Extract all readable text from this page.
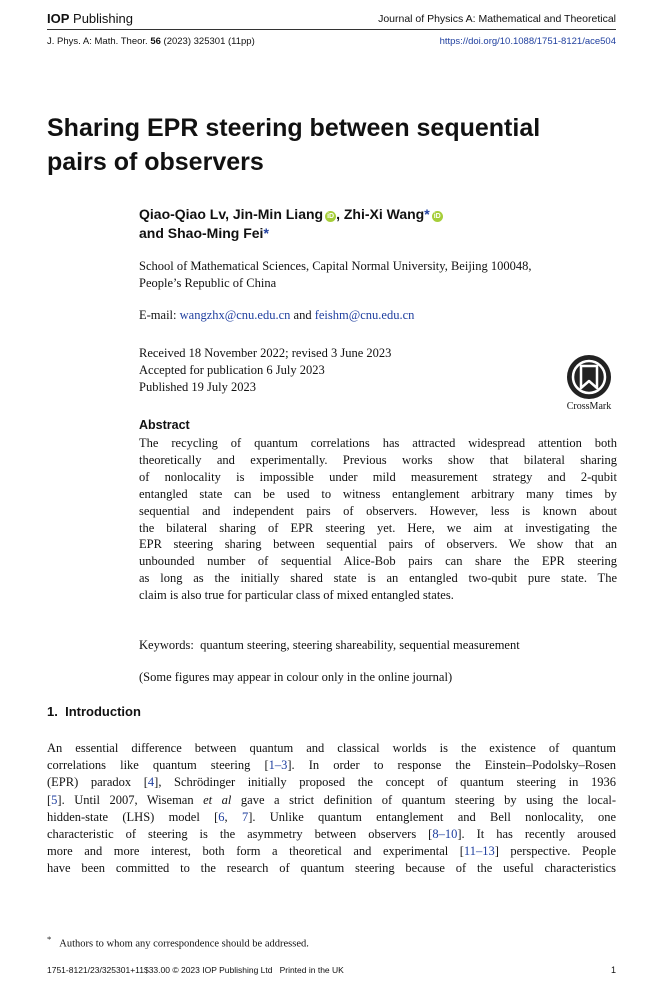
IOP Publishing	Journal of Physics A: Mathematical and Theoretical
J. Phys. A: Math. Theor. 56 (2023) 325301 (11pp)	https://doi.org/10.1088/1751-8121/ace504
Sharing EPR steering between sequential
pairs of observers
Qiao-Qiao Lv, Jin-Min Liang iD , Zhi-Xi Wang* iD
and Shao-Ming Fei*
School of Mathematical Sciences, Capital Normal University, Beijing 100048,
People’s Republic of China
E-mail: wangzhx@cnu.edu.cn and feishm@cnu.edu.cn
Received 18 November 2022; revised 3 June 2023
Accepted for publication 6 July 2023
Published 19 July 2023
CrossMark
Abstract

The recycling of quantum correlations has attracted widespread attention both

theoretically and experimentally. Previous works show that bilateral sharing

of nonlocality is impossible under mild measurement strategy and 2-qubit

entangled state can be used to witness entanglement arbitrary many times by

sequential and independent pairs of observers. However, less is known about

the bilateral sharing of EPR steering yet. Here, we aim at investigating the

EPR steering sharing between sequential pairs of observers. We show that an

unbounded number of sequential Alice-Bob pairs can share the EPR steering

as long as the initially shared state is an entangled two-qubit pure state. The

claim is also true for particular class of mixed entangled states.

Keywords: quantum steering, steering shareability, sequential measurement
(Some figures may appear in colour only in the online journal)
1. Introduction

An essential difference between quantum and classical worlds is the existence of quantum

correlations like quantum steering [1–3]. In order to response the Einstein–Podolsky–Rosen

(EPR) paradox [4], Schrödinger initially proposed the concept of quantum steering in 1936

[5]. Until 2007, Wiseman et al gave a strict definition of quantum steering by using the local-

hidden-state (LHS) model [6, 7]. Unlike quantum entanglement and Bell nonlocality, one

characteristic of steering is the asymmetry between observers [8–10]. It has recently aroused

more and more interest, both form a theoretical and experimental [11–13] perspective. People

have been committed to the research of quantum steering because of the useful characteristics

* Authors to whom any correspondence should be addressed.
1751-8121/23/325301+11$33.00 © 2023 IOP Publishing Ltd   Printed in the UK	1
